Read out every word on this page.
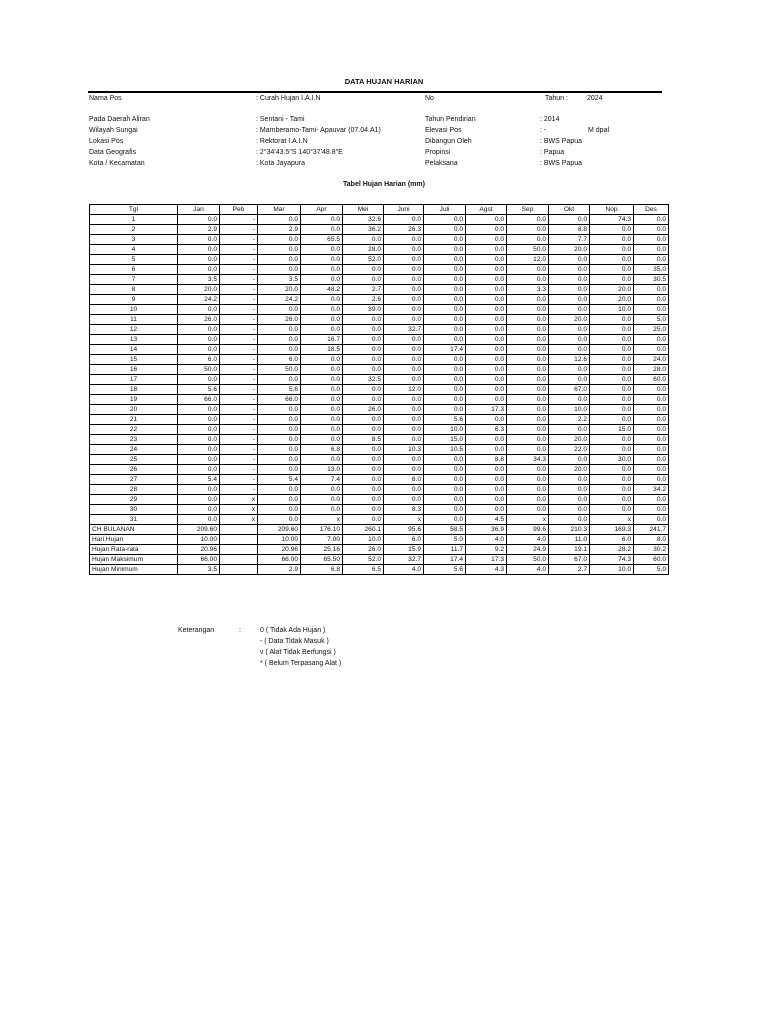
DATA HUJAN HARIAN
Nama Pos	: Curah Hujan I.A.I.N	No	Tahun :	2024
Pada Daerah Aliran	: Sentani - Tami	Tahun Pendirian	: 2014
Wilayah Sungai	: Mamberamo-Tami- Apauvar (07.04.A1)	Elevasi Pos	: -	M dpal
Lokasi Pos	: Rektorat I.A.I.N	Dibangun Oleh	: BWS Papua
Data Geografis	: 2°34'43.5"S 140°37'48.8"E	Propinsi	: Papua
Kota / Kecamatan	: Kota Jayapura	Pelaksana	: BWS Papua
Tabel Hujan Harian (mm)
Tgl	Jan	Peb	Mar	Apr	Mei	Juni	Juli	Agst	Sep	Okt	Nop	Des
1	0.0	-	0.0	0.0	32.6	0.0	0.0	0.0	0.0	0.0	74.3	0.0
2	2.9	-	2.9	0.0	36.2	26.3	0.0	0.0	0.0	8.8	0.0	0.0
3	0.0	-	0.0	65.5	0.0	0.0	0.0	0.0	0.0	7.7	0.0	0.0
4	0.0	-	0.0	0.0	28.0	0.0	0.0	0.0	50.0	20.0	0.0	0.0
5	0.0	-	0.0	0.0	52.0	0.0	0.0	0.0	12.0	0.0	0.0	0.0
6	0.0	-	0.0	0.0	0.0	0.0	0.0	0.0	0.0	0.0	0.0	35.0
7	3.5	-	3.5	0.0	0.0	0.0	0.0	0.0	0.0	0.0	0.0	30.5
8	20.0	-	20.0	48.2	2.7	0.0	0.0	0.0	3.3	0.0	20.0	0.0
9	24.2	-	24.2	0.0	2.6	0.0	0.0	0.0	0.0	0.0	20.0	0.0
10	0.0	-	0.0	0.0	39.0	0.0	0.0	0.0	0.0	0.0	10.0	0.0
11	26.0	-	26.0	0.0	0.0	0.0	0.0	0.0	0.0	20.0	0.0	5.0
12	0.0	-	0.0	0.0	0.0	32.7	0.0	0.0	0.0	0.0	0.0	25.0
13	0.0	-	0.0	16.7	0.0	0.0	0.0	0.0	0.0	0.0	0.0	0.0
14	0.0	-	0.0	18.5	0.0	0.0	17.4	0.0	0.0	0.0	0.0	0.0
15	6.0	-	6.0	0.0	0.0	0.0	0.0	0.0	0.0	12.6	0.0	24.0
16	50.0	-	50.0	0.0	0.0	0.0	0.0	0.0	0.0	0.0	0.0	28.0
17	0.0	-	0.0	0.0	32.5	0.0	0.0	0.0	0.0	0.0	0.0	60.0
18	5.6	-	5.6	0.0	0.0	12.0	0.0	0.0	0.0	67.0	0.0	0.0
19	66.0	-	66.0	0.0	0.0	0.0	0.0	0.0	0.0	0.0	0.0	0.0
20	0.0	-	0.0	0.0	26.0	0.0	0.0	17.3	0.0	10.0	0.0	0.0
21	0.0	-	0.0	0.0	0.0	0.0	5.6	0.0	0.0	2.2	0.0	0.0
22	0.0	-	0.0	0.0	0.0	0.0	10.0	6.3	0.0	0.0	15.0	0.0
23	0.0	-	0.0	0.0	8.5	0.0	15.0	0.0	0.0	20.0	0.0	0.0
24	0.0	-	0.0	6.8	0.0	10.3	10.5	0.0	0.0	22.0	0.0	0.0
25	0.0	-	0.0	0.0	0.0	0.0	0.0	8.8	34.3	0.0	30.0	0.0
26	0.0	-	0.0	13.0	0.0	0.0	0.0	0.0	0.0	20.0	0.0	0.0
27	5.4	-	5.4	7.4	0.0	6.0	0.0	0.0	0.0	0.0	0.0	0.0
28	0.0	-	0.0	0.0	0.0	0.0	0.0	0.0	0.0	0.0	0.0	34.2
29	0.0	x	0.0	0.0	0.0	0.0	0.0	0.0	0.0	0.0	0.0	0.0
30	0.0	x	0.0	0.0	0.0	8.3	0.0	0.0	0.0	0.0	0.0	0.0
31	0.0	x	0.0	x	0.0	x	0.0	4.5	x	0.0	x	0.0
CH BULANAN	209.60		209.60	176.10	260.1	95.6	58.5	36.9	99.6	210.3	169.3	241.7
Hari Hujan	10.00		10.00	7.00	10.0	6.0	5.0	4.0	4.0	11.0	6.0	8.0
Hujan Rata-rata	20.96		20.96	25.16	26.0	15.9	11.7	9.2	24.9	19.1	28.2	30.2
Hujan Maksimum	66.00		66.00	65.50	52.0	32.7	17.4	17.3	50.0	67.0	74.3	60.0
Hujan Minimum	3.5		2.9	6.8	6.5	4.0	5.6	4.3	4.0	2.7	10.0	5.0
Keterangan	:	0 ( Tidak Ada Hujan )
- ( Data Tidak Masuk )
v ( Alat Tidak Berfungsi )
* ( Belum Terpasang Alat )
